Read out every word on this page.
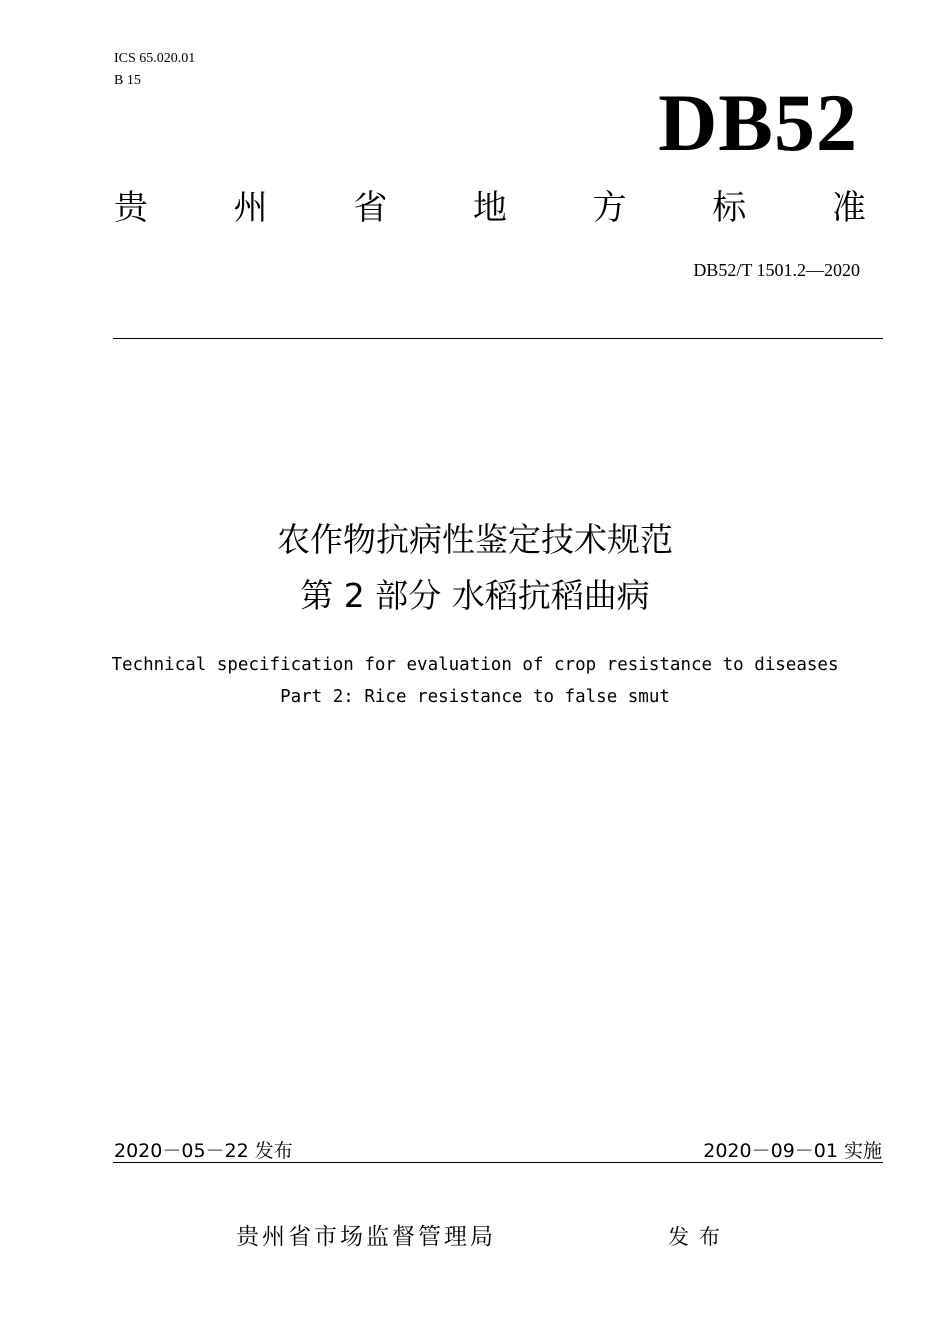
ICS 65.020.01
B 15	DB52
贵	州	省	地	方	标	准
DB52/T 1501.2—2020
农作物抗病性鉴定技术规范
第 2 部分 水稻抗稻曲病
Technical specification for evaluation of crop resistance to diseases
Part 2: Rice resistance to false smut
2020－05－22 发布	2020－09－01 实施
贵州省市场监督管理局	发布
